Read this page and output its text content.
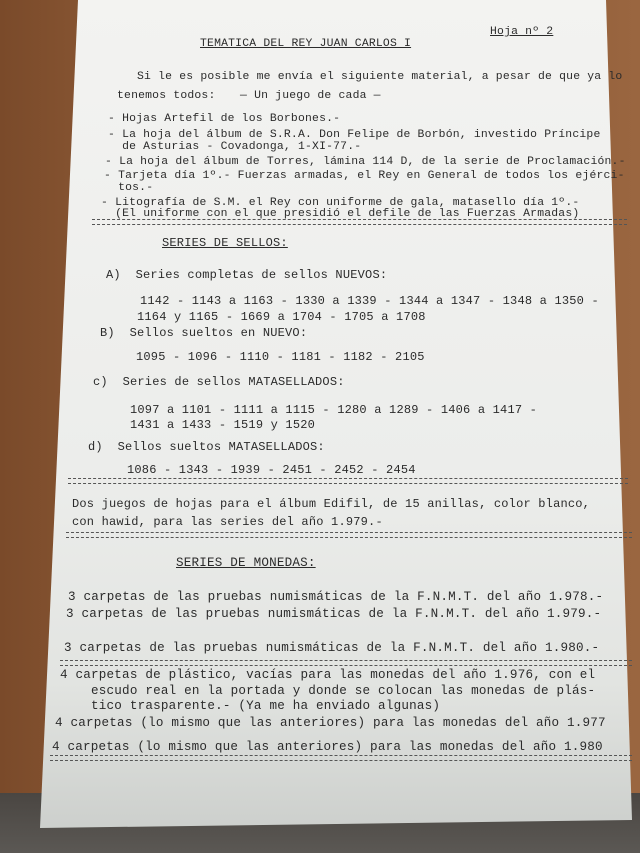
Hoja nº 2
TEMATICA DEL REY JUAN CARLOS I
Si le es posible me envía el siguiente material, a pesar de que ya lo
tenemos todos: — Un juego de cada —
- Hojas Artefil de los Borbones.-
- La hoja del álbum de S.R.A. Don Felipe de Borbón, investido Príncipe
de Asturias - Covadonga, 1-XI-77.-
- La hoja del álbum de Torres, lámina 114 D, de la serie de Proclamación.-
- Tarjeta día 1º.- Fuerzas armadas, el Rey en General de todos los ejérci-
tos.-
- Litografía de S.M. el Rey con uniforme de gala, matasello día 1º.-
(El uniforme con el que presidió el defile de las Fuerzas Armadas)
SERIES DE SELLOS:
A)  Series completas de sellos NUEVOS:
1142 - 1143 a 1163 - 1330 a 1339 - 1344 a 1347 - 1348 a 1350 -
1164 y 1165 - 1669 a 1704 - 1705 a 1708
B)  Sellos sueltos en NUEVO:
1095 - 1096 - 1110 - 1181 - 1182 - 2105
c)  Series de sellos MATASELLADOS:
1097 a 1101 - 1111 a 1115 - 1280 a 1289 - 1406 a 1417 -
1431 a 1433 - 1519 y 1520
d)  Sellos sueltos MATASELLADOS:
1086 - 1343 - 1939 - 2451 - 2452 - 2454
Dos juegos de hojas para el álbum Edifil, de 15 anillas, color blanco,
con hawid, para las series del año 1.979.-
SERIES DE MONEDAS:
3 carpetas de las pruebas numismáticas de la F.N.M.T. del año 1.978.-
3 carpetas de las pruebas numismáticas de la F.N.M.T. del año 1.979.-
3 carpetas de las pruebas numismáticas de la F.N.M.T. del año 1.980.-
4 carpetas de plástico, vacías para las monedas del año 1.976, con el
escudo real en la portada y donde se colocan las monedas de plás-
tico trasparente.- (Ya me ha enviado algunas)
4 carpetas (lo mismo que las anteriores) para las monedas del año 1.977
4 carpetas (lo mismo que las anteriores) para las monedas del año 1.980
